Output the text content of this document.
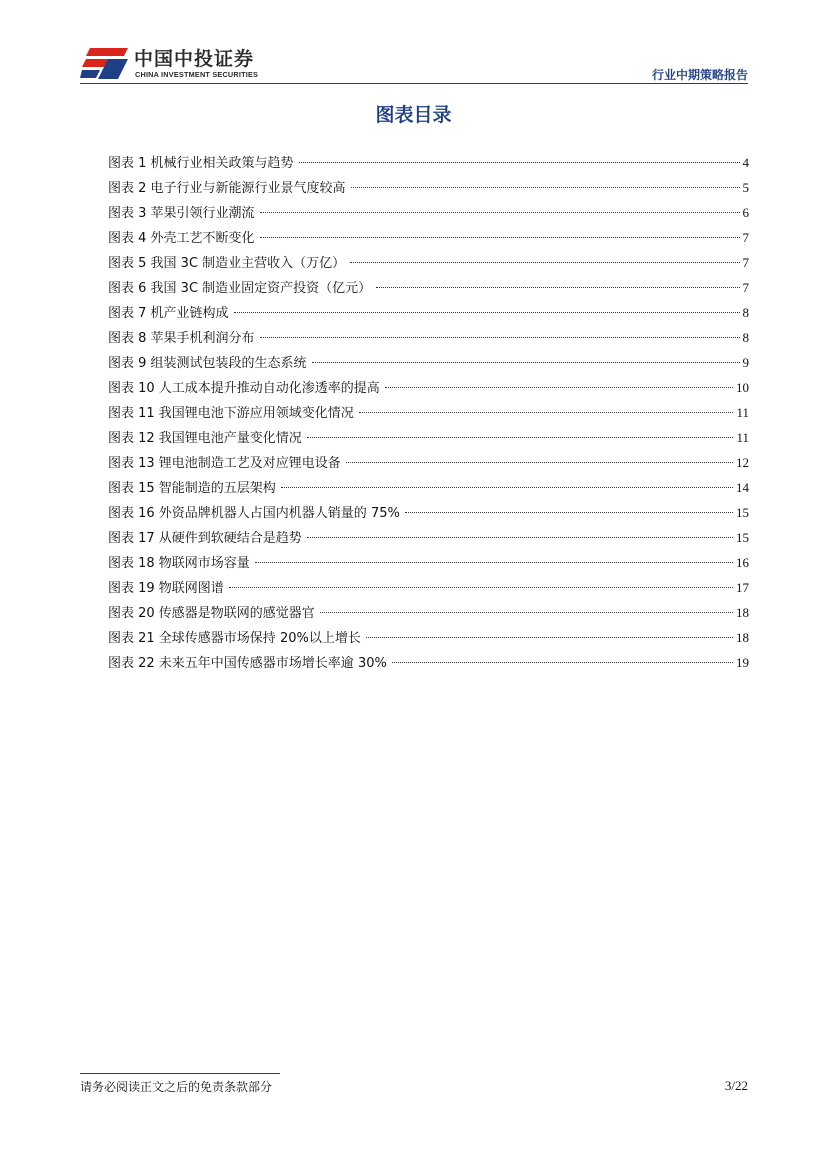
中国中投证券
CHINA INVESTMENT SECURITIES	行业中期策略报告
图表目录
图表 1 机械行业相关政策与趋势	4
图表 2 电子行业与新能源行业景气度较高	5
图表 3 苹果引领行业潮流	6
图表 4 外壳工艺不断变化	7
图表 5 我国 3C 制造业主营收入（万亿）	7
图表 6 我国 3C 制造业固定资产投资（亿元）	7
图表 7 机产业链构成	8
图表 8 苹果手机利润分布	8
图表 9 组装测试包装段的生态系统	9
图表 10 人工成本提升推动自动化渗透率的提高	10
图表 11 我国锂电池下游应用领域变化情况	11
图表 12 我国锂电池产量变化情况	11
图表 13 锂电池制造工艺及对应锂电设备	12
图表 15 智能制造的五层架构	14
图表 16 外资品牌机器人占国内机器人销量的 75%	15
图表 17 从硬件到软硬结合是趋势	15
图表 18 物联网市场容量	16
图表 19 物联网图谱	17
图表 20 传感器是物联网的感觉器官	18
图表 21 全球传感器市场保持 20%以上增长	18
图表 22 未来五年中国传感器市场增长率逾 30%	19
请务必阅读正文之后的免责条款部分	3/22
